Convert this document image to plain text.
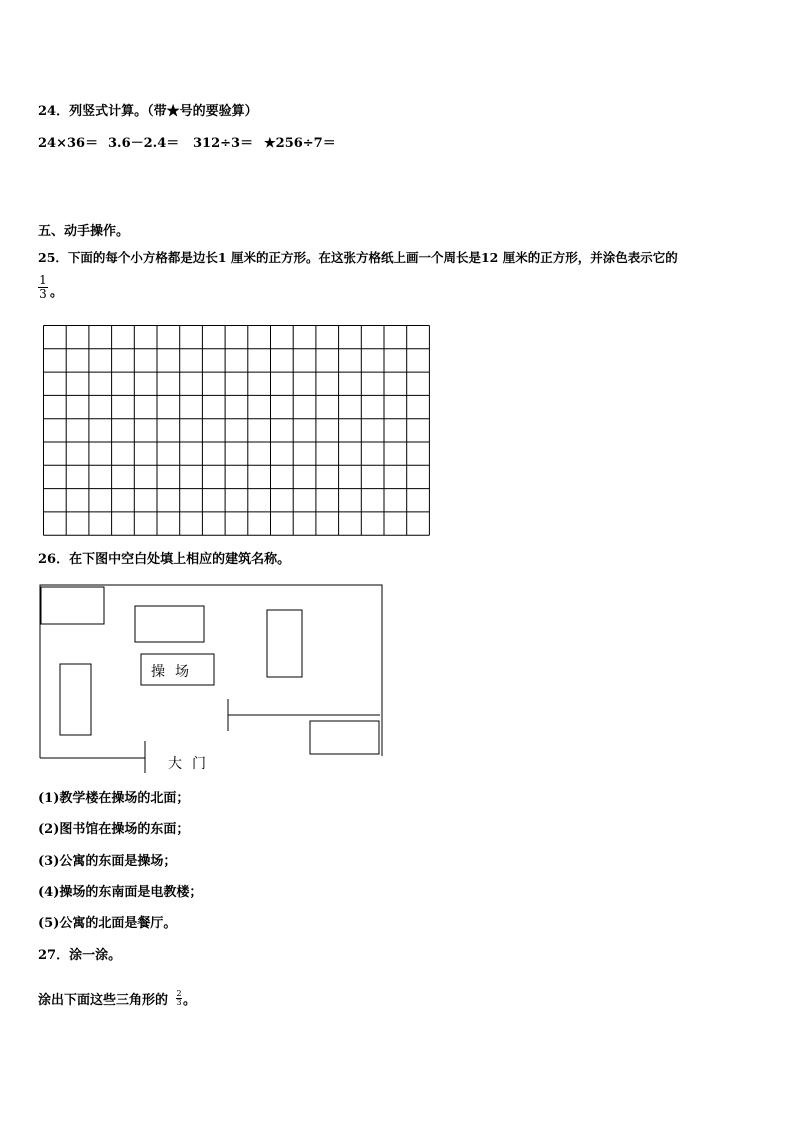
24．列竖式计算。（带★号的要验算）
24×36＝ 3.6－2.4＝ 312÷3＝ ★256÷7＝
五、动手操作。
25．下面的每个小方格都是边长1 厘米的正方形。在这张方格纸上画一个周长是12 厘米的正方形，并涂色表示它的
1
3 。
26．在下图中空白处填上相应的建筑名称。
操场
大门
(1)教学楼在操场的北面；
(2)图书馆在操场的东面；
(3)公寓的东面是操场；
(4)操场的东南面是电教楼；
(5)公寓的北面是餐厅。
27．涂一涂。
涂出下面这些三角形的 2
3 。
